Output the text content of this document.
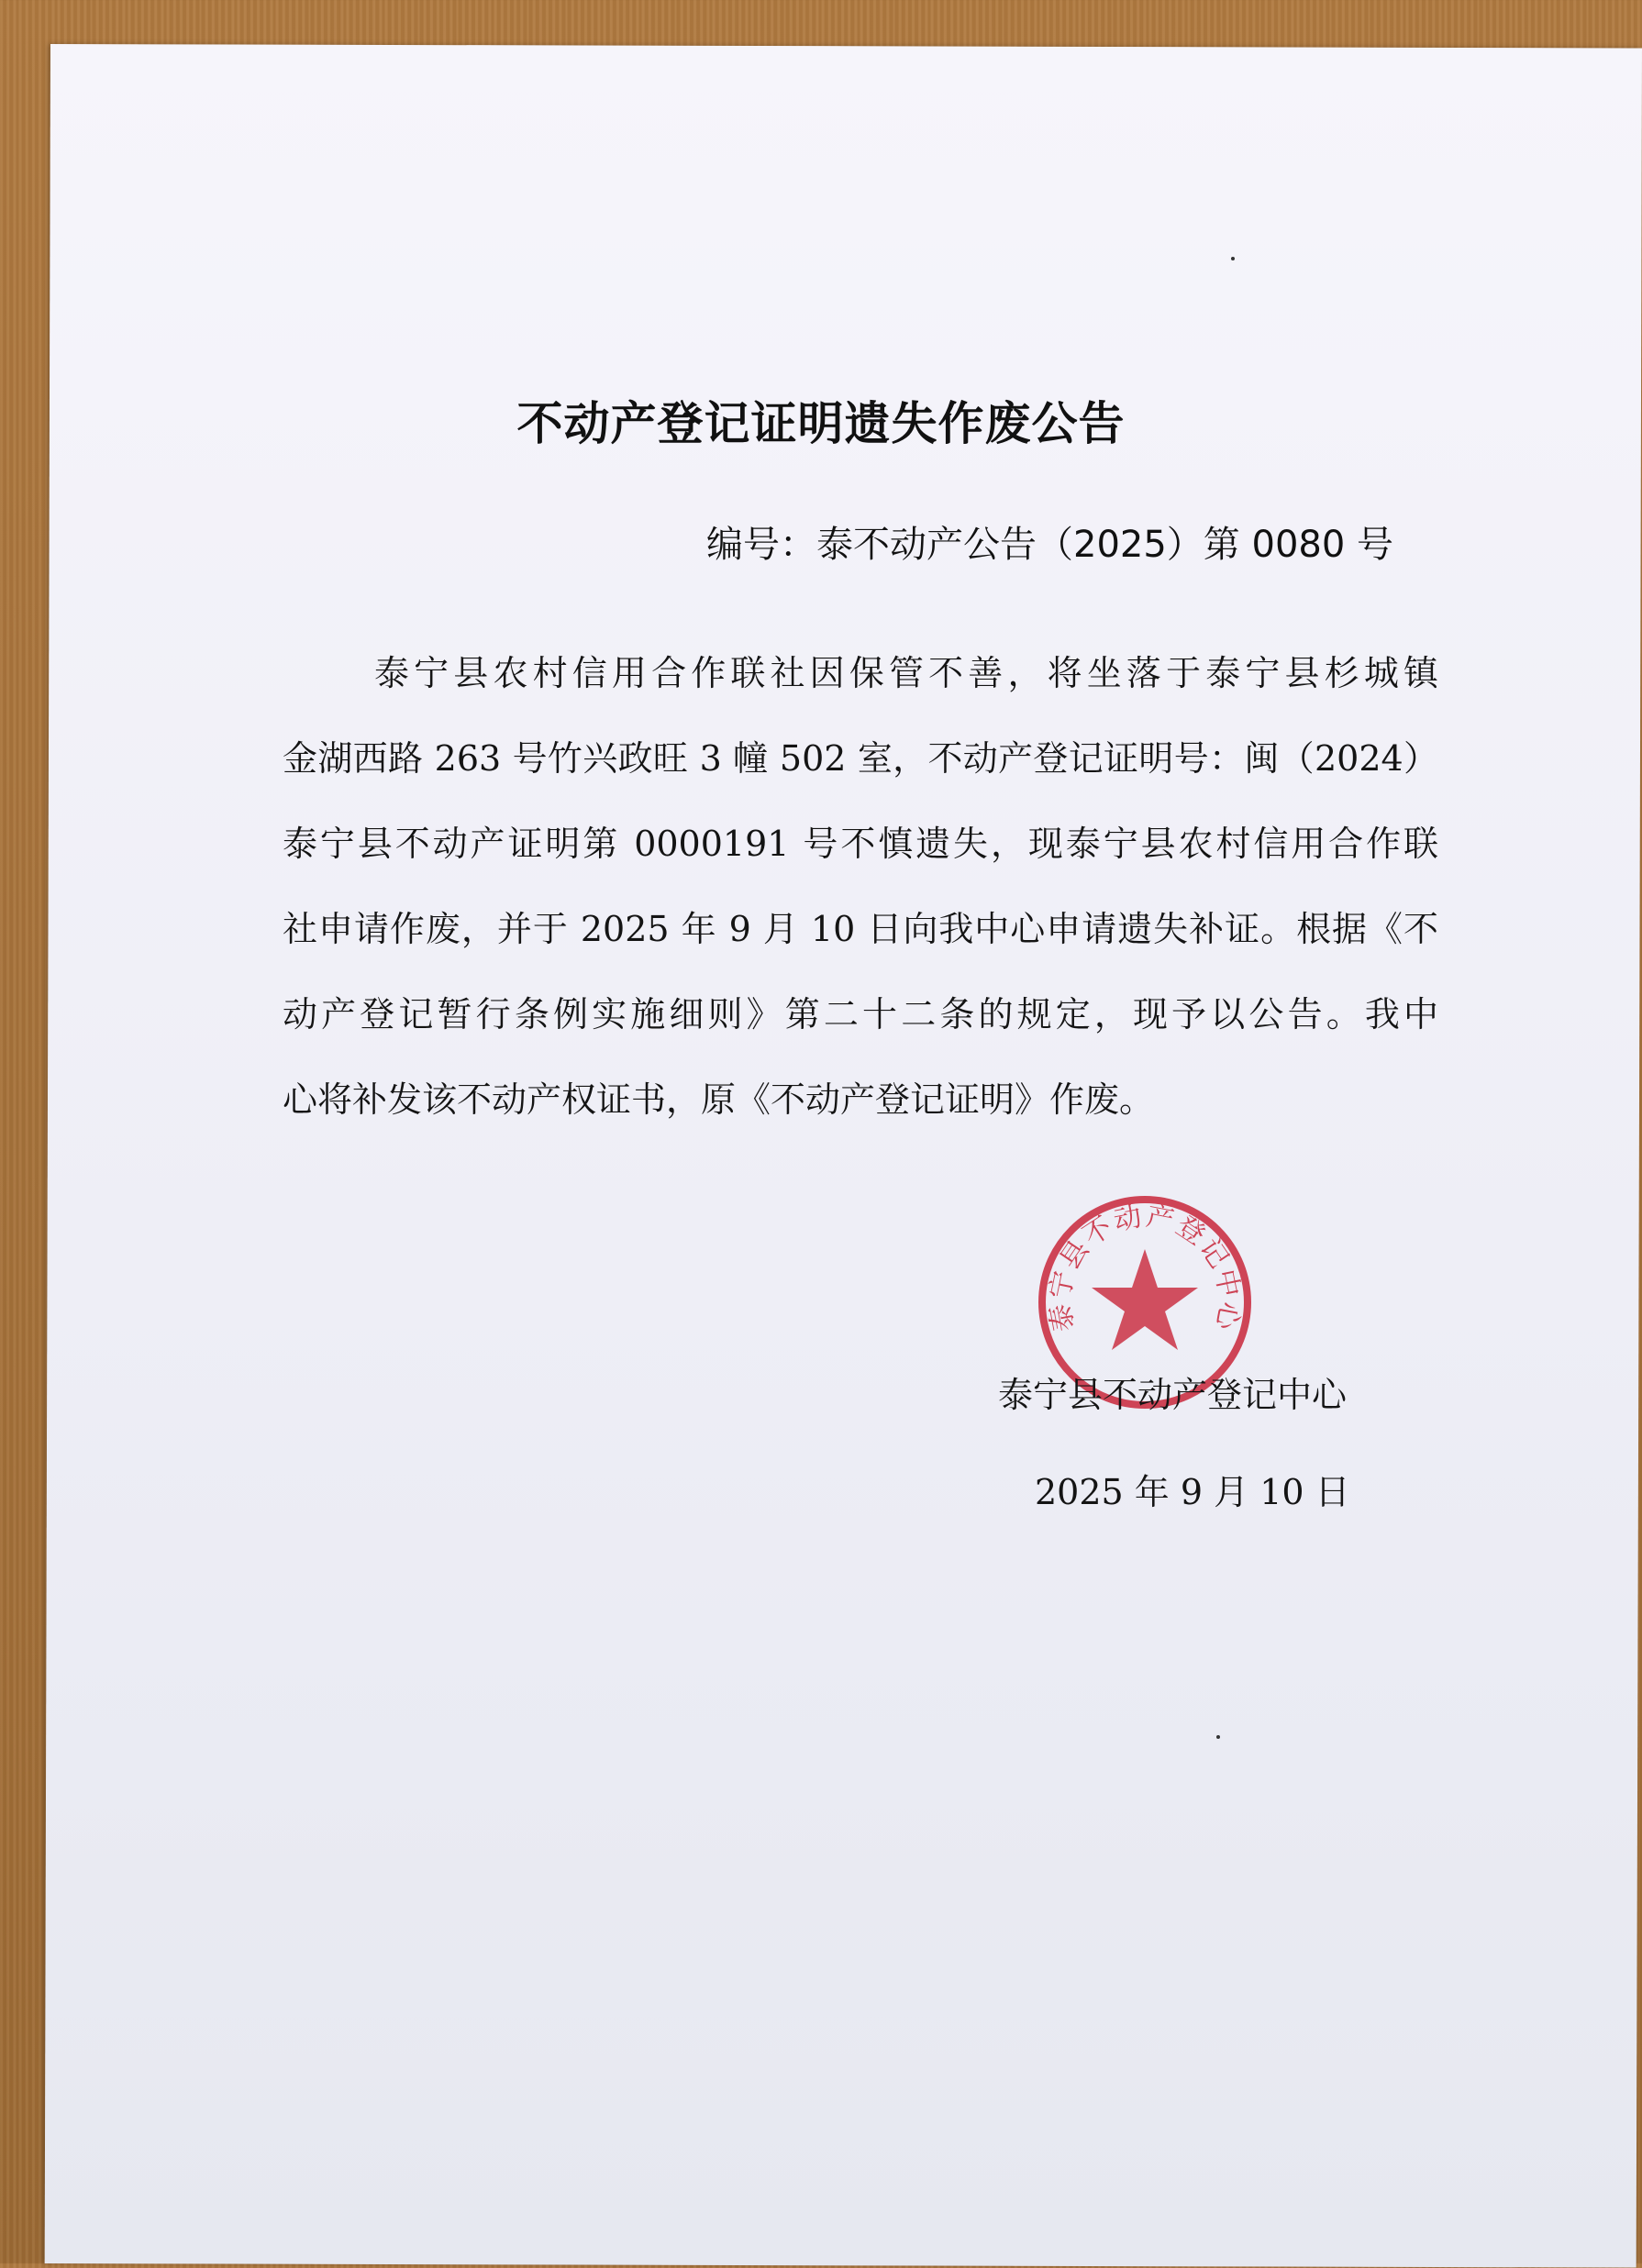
不动产登记证明遗失作废公告
编号：泰不动产公告（2025）第 0080 号
泰宁县农村信用合作联社因保管不善，将坐落于泰宁县杉城镇
金湖西路 263 号竹兴政旺 3 幢 502 室，不动产登记证明号：闽（2024）
泰宁县不动产证明第 0000191 号不慎遗失，现泰宁县农村信用合作联
社申请作废，并于 2025 年 9 月 10 日向我中心申请遗失补证。根据《不
动产登记暂行条例实施细则》第二十二条的规定，现予以公告。我中
心将补发该不动产权证书，原《不动产登记证明》作废。
泰宁县不动产登记中心
泰宁县不动产登记中心
2025 年 9 月 10 日
